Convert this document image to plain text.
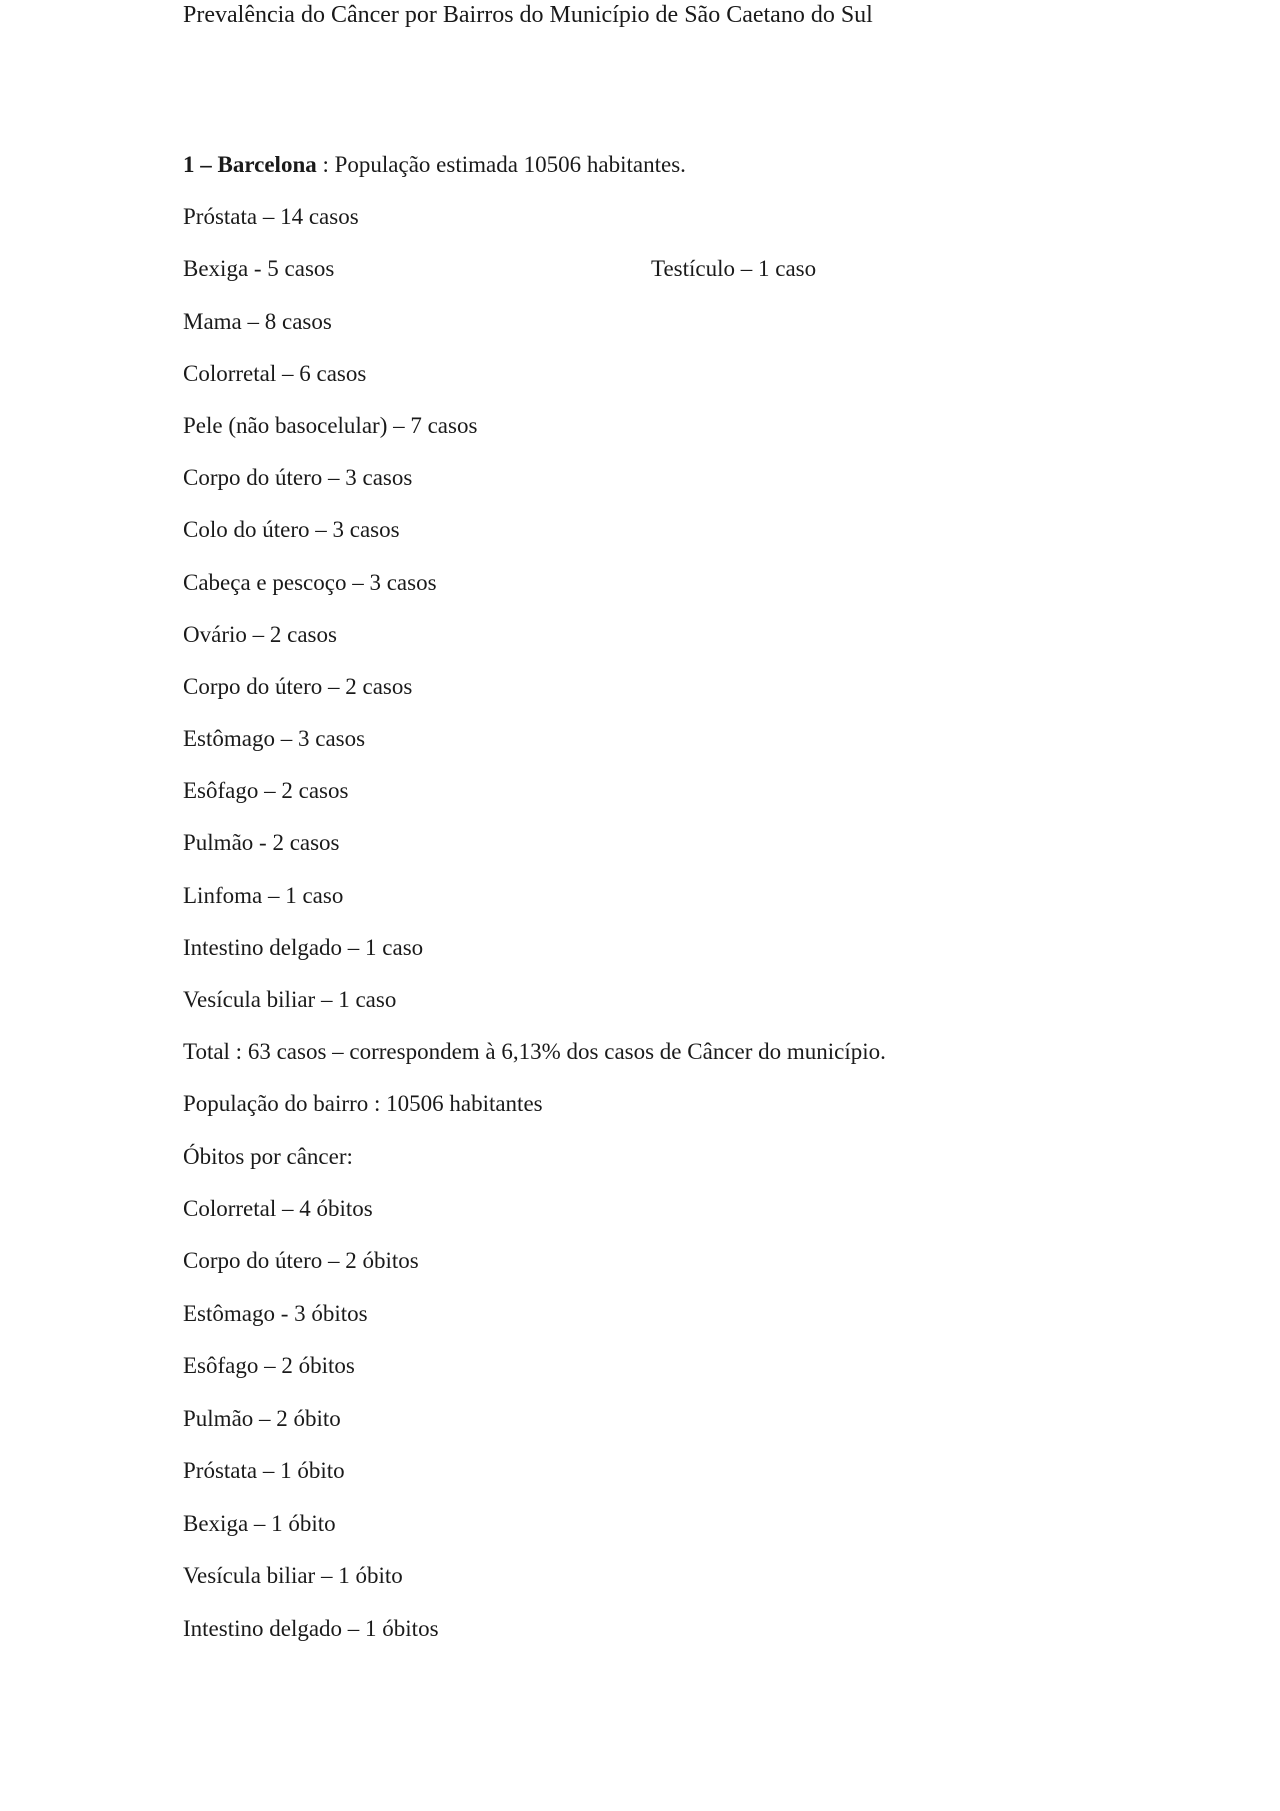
Prevalência do Câncer por Bairros do Município de São Caetano do Sul
1 – Barcelona : População estimada 10506 habitantes.
Próstata – 14 casos
Bexiga - 5 casos	Testículo – 1 caso
Mama – 8 casos
Colorretal – 6 casos
Pele (não basocelular) – 7 casos
Corpo do útero – 3 casos
Colo do útero – 3 casos
Cabeça e pescoço – 3 casos
Ovário – 2 casos
Corpo do útero – 2 casos
Estômago – 3 casos
Esôfago – 2 casos
Pulmão - 2 casos
Linfoma – 1 caso
Intestino delgado – 1 caso
Vesícula biliar – 1 caso
Total : 63 casos – correspondem à 6,13% dos casos de Câncer do município.
População do bairro : 10506 habitantes
Óbitos por câncer:
Colorretal – 4 óbitos
Corpo do útero – 2 óbitos
Estômago - 3 óbitos
Esôfago – 2 óbitos
Pulmão – 2 óbito
Próstata – 1 óbito
Bexiga – 1 óbito
Vesícula biliar – 1 óbito
Intestino delgado – 1 óbitos
